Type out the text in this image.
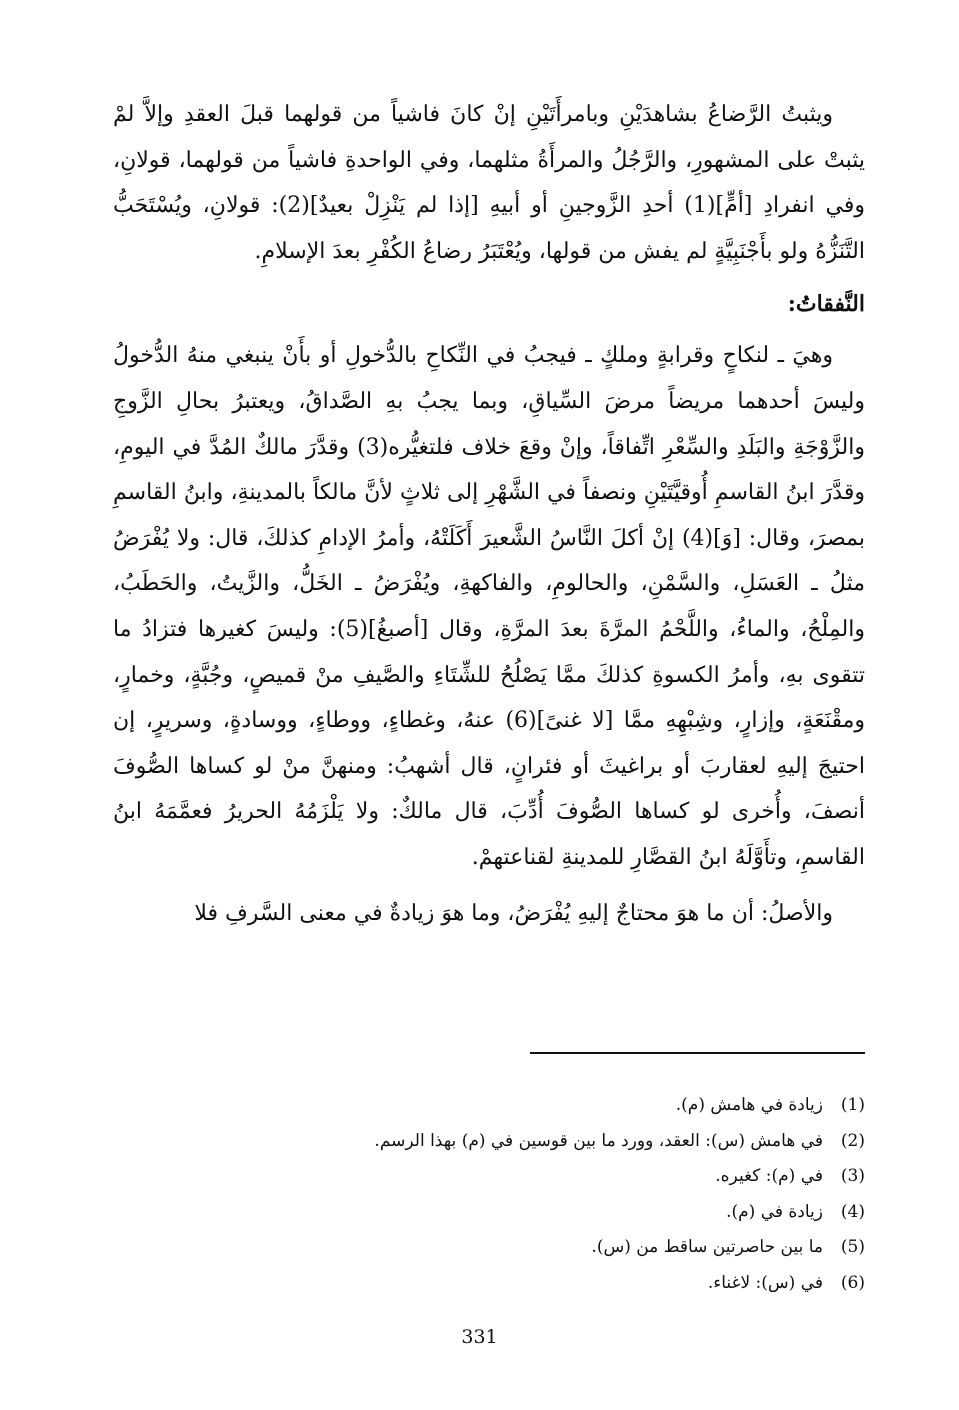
ويثبتُ الرَّضاعُ بشاهدَيْنِ وبامرأَتَيْنِ إنْ كانَ فاشياً من قولهما قبلَ العقدِ وإلاَّ لمْ يثبتْ على المشهورِ، والرَّجُلُ والمرأَةُ مثلهما، وفي الواحدةِ فاشياً من قولهما، قولانِ، وفي انفرادِ [أمٍّ](1) أحدِ الزَّوجينِ أو أبيهِ [إذا لم يَنْزِلْ بعيدٌ](2): قولانِ، ويُسْتَحَبُّ التَّنَزُّهُ ولو بأَجْنَبِيَّةٍ لم يفش من قولها، ويُعْتَبَرُ رضاعُ الكُفْرِ بعدَ الإسلامِ.

النَّفقاتُ:

وهيَ ـ لنكاحٍ وقرابةٍ وملكٍ ـ فيجبُ في النِّكاحِ بالدُّخولِ أو بأَنْ ينبغي منهُ الدُّخولُ وليسَ أحدهما مريضاً مرضَ السِّياقِ، وبما يجبُ بهِ الصَّداقُ، ويعتبرُ بحالِ الزَّوجِ والزَّوْجَةِ والبَلَدِ والسِّعْرِ اتِّفاقاً، وإنْ وقعَ خلاف فلتغيُّره(3) وقدَّرَ مالكٌ المُدَّ في اليومِ، وقدَّرَ ابنُ القاسمِ أُوقيَّتَيْنِ ونصفاً في الشَّهْرِ إلى ثلاثٍ لأنَّ مالكاً بالمدينةِ، وابنُ القاسمِ بمصرَ، وقال: [وَ](4) إنْ أكلَ النَّاسُ الشَّعيرَ أَكَلَتْهُ، وأمرُ الإدامِ كذلكَ، قال: ولا يُفْرَضُ مثلُ ـ العَسَلِ، والسَّمْنِ، والحالومِ، والفاكهةِ، ويُفْرَضُ ـ الخَلُّ، والزَّيتُ، والحَطَبُ، والمِلْحُ، والماءُ، واللَّحْمُ المرَّةَ بعدَ المرَّةِ، وقال [أصبغُ](5): وليسَ كغيرها فتزادُ ما تتقوى بهِ، وأمرُ الكسوةِ كذلكَ ممَّا يَصْلُحُ للشِّتَاءِ والصَّيفِ منْ قميصٍ، وجُبَّةٍ، وخمارٍ، ومقْنَعَةٍ، وإزارٍ، وشِبْهِهِ ممَّا [لا غنىً](6) عنهُ، وغطاءٍ، ووطاءٍ، ووسادةٍ، وسريرٍ، إن احتيجَ إليهِ لعقاربَ أو براغيثَ أو فئرانٍ، قال أشهبُ: ومنهنَّ منْ لو كساها الصُّوفَ أنصفَ، وأُخرى لو كساها الصُّوفَ أُدِّبَ، قال مالكٌ: ولا يَلْزَمُهُ الحريرُ فعمَّمَهُ ابنُ القاسمِ، وتأَوَّلَهُ ابنُ القصَّارِ للمدينةِ لقناعتهمْ.

والأصلُ: أن ما هوَ محتاجٌ إليهِ يُفْرَضُ، وما هوَ زيادةٌ في معنى السَّرفِ فلا

(1)
زيادة في هامش (م).
(2)
في هامش (س): العقد، وورد ما بين قوسين في (م) بهذا الرسم.
(3)
في (م): كغيره.
(4)
زيادة في (م).
(5)
ما بين حاصرتين ساقط من (س).
(6)
في (س): لاغناء.
331
